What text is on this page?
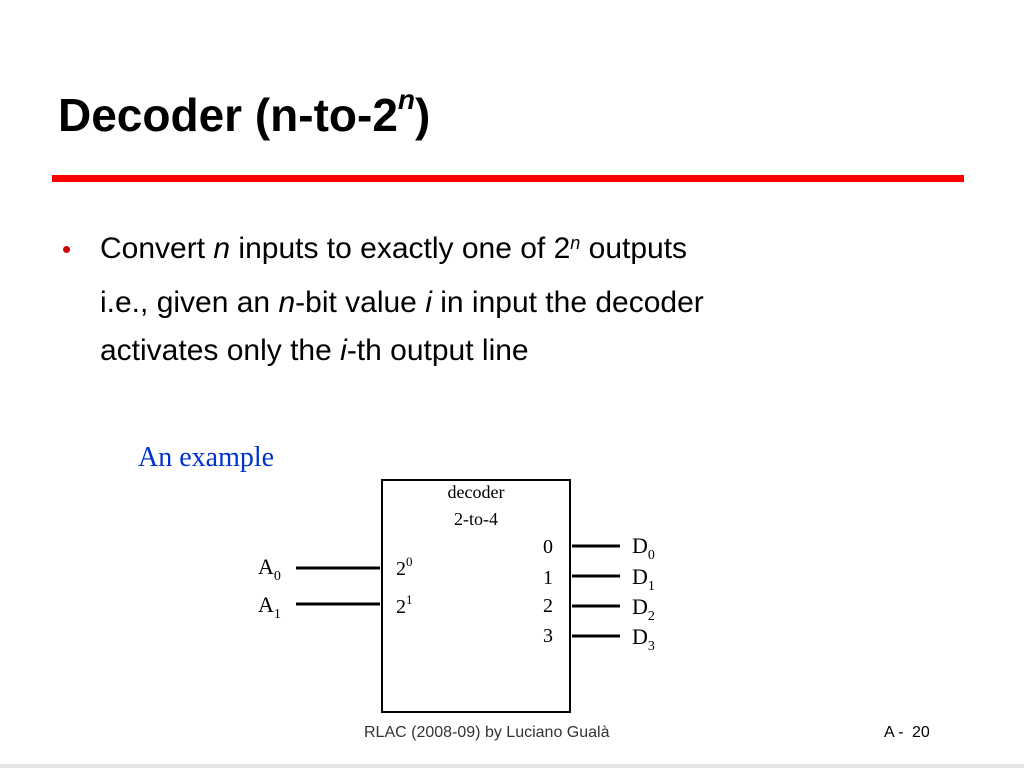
Decoder (n-to-2$^n$)
• Convert n inputs to exactly one of 2$^n$ outputs
i.e., given an n-bit value i in input the decoder
activates only the i-th output line
An example
decoder
2-to-4
$A_0$
$A_1$
$2^0$
$2^1$
0
1
2
3
$D_0$
$D_1$
$D_2$
$D_3$
RLAC (2008-09) by Luciano Gualà	A - 20
